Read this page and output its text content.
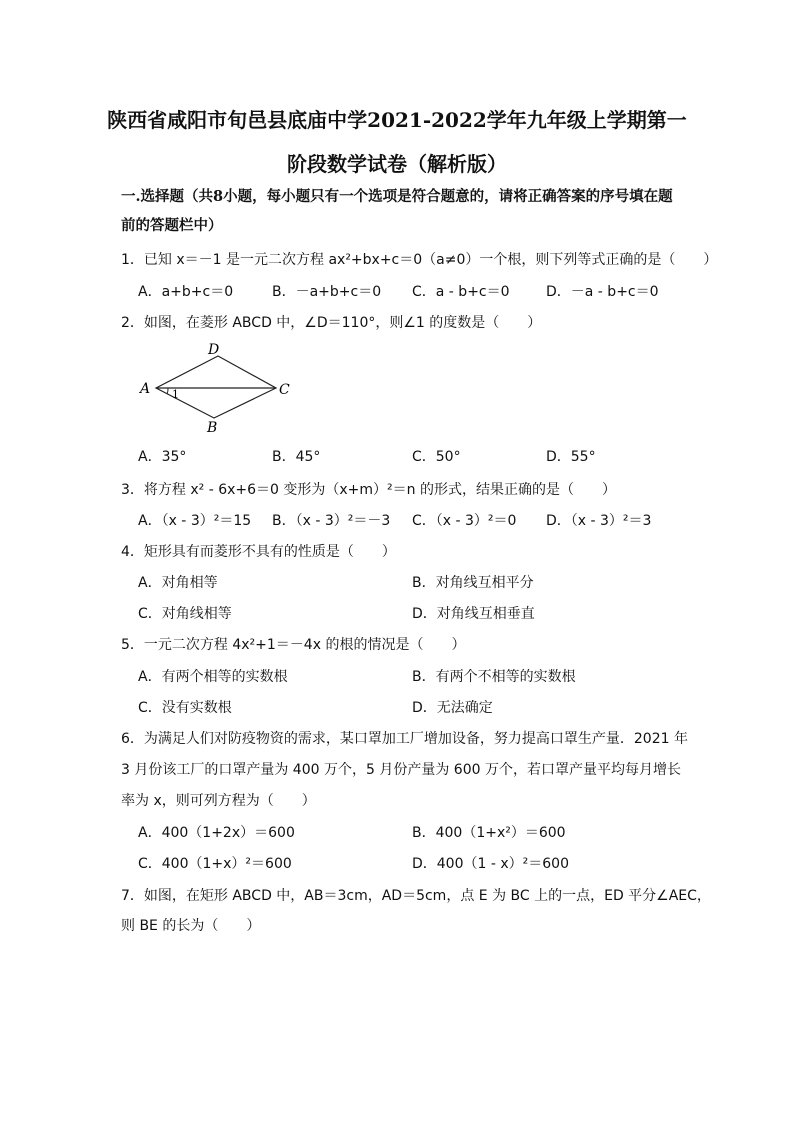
陕西省咸阳市旬邑县底庙中学2021-2022学年九年级上学期第一
阶段数学试卷（解析版）
一.选择题（共8小题，每小题只有一个选项是符合题意的，请将正确答案的序号填在题前的答题栏中）
1．已知 x＝－1 是一元二次方程 ax²+bx+c＝0（a≠0）一个根，则下列等式正确的是（　　）
A．a+b+c＝0	B．－a+b+c＝0 C．a - b+c＝0	D．－a - b+c＝0
2．如图，在菱形 ABCD 中，∠D＝110°，则∠1 的度数是（　　）
D
A 1	C
B
A．35°	B．45°	C．50°	D．55°
3．将方程 x² - 6x+6＝0 变形为（x+m）²＝n 的形式，结果正确的是（　　）
A．（x - 3）²＝15 B．（x - 3）²＝－3 C．（x - 3）²＝0 D．（x - 3）²＝3
4．矩形具有而菱形不具有的性质是（　　）
A．对角相等	B．对角线互相平分
C．对角线相等	D．对角线互相垂直
5．一元二次方程 4x²+1＝－4x 的根的情况是（　　）
A．有两个相等的实数根	B．有两个不相等的实数根
C．没有实数根	D．无法确定
6．为满足人们对防疫物资的需求，某口罩加工厂增加设备，努力提高口罩生产量．2021 年
3 月份该工厂的口罩产量为 400 万个，5 月份产量为 600 万个，若口罩产量平均每月增长
率为 x，则可列方程为（　　）
A．400（1+2x）＝600	B．400（1+x²）＝600
C．400（1+x）²＝600	D．400（1 - x）²＝600
7．如图，在矩形 ABCD 中，AB＝3cm，AD＝5cm，点 E 为 BC 上的一点，ED 平分∠AEC，
则 BE 的长为（　　）
